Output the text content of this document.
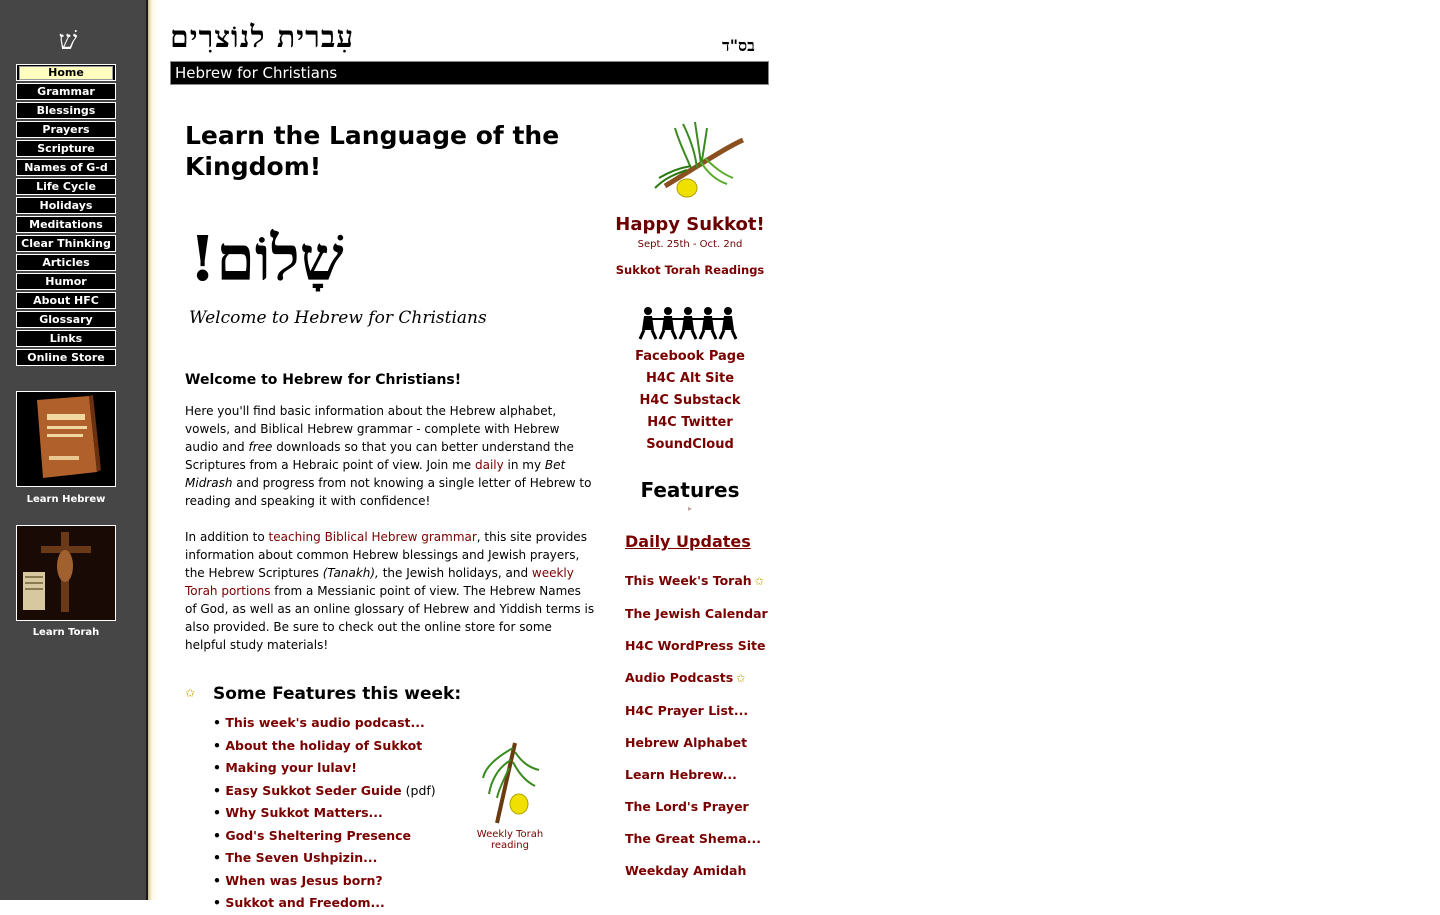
שׁ
Home
Grammar
Blessings
Prayers
Scripture
Names of G-d
Life Cycle
Holidays
Meditations
Clear Thinking
Articles
Humor
About HFC
Glossary
Links
Online Store
Learn Hebrew
Learn Torah
עִברית לנוֹצרִים	בס"ד
Hebrew for Christians
Learn the Language of the Kingdom!
שָׁלוֹם!
Welcome to Hebrew for Christians
Welcome to Hebrew for Christians!

Here you'll find basic information about the Hebrew alphabet, vowels, and Biblical Hebrew grammar - complete with Hebrew audio and free downloads so that you can better understand the Scriptures from a Hebraic point of view. Join me daily in my Bet Midrash and progress from not knowing a single letter of Hebrew to reading and speaking it with confidence!

In addition to teaching Biblical Hebrew grammar, this site provides information about common Hebrew blessings and Jewish prayers, the Hebrew Scriptures (Tanakh), the Jewish holidays, and weekly Torah portions from a Messianic point of view. The Hebrew Names of God, as well as an online glossary of Hebrew and Yiddish terms is also provided. Be sure to check out the online store for some helpful study materials!

✩ Some Features this week:
• This week's audio podcast...
• About the holiday of Sukkot
• Making your lulav!
• Easy Sukkot Seder Guide (pdf)
• Why Sukkot Matters...
• God's Sheltering Presence
• The Seven Ushpizin...
• When was Jesus born?
• Sukkot and Freedom...
Weekly Torah reading
Happy Sukkot!
Sept. 25th - Oct. 2nd
Sukkot Torah Readings
Facebook Page
H4C Alt Site
H4C Substack
H4C Twitter
SoundCloud
Features
▸
Daily Updates
This Week's Torah ✩
The Jewish Calendar
H4C WordPress Site
Audio Podcasts ✩
H4C Prayer List...
Hebrew Alphabet
Learn Hebrew...
The Lord's Prayer
The Great Shema...
Weekday Amidah
